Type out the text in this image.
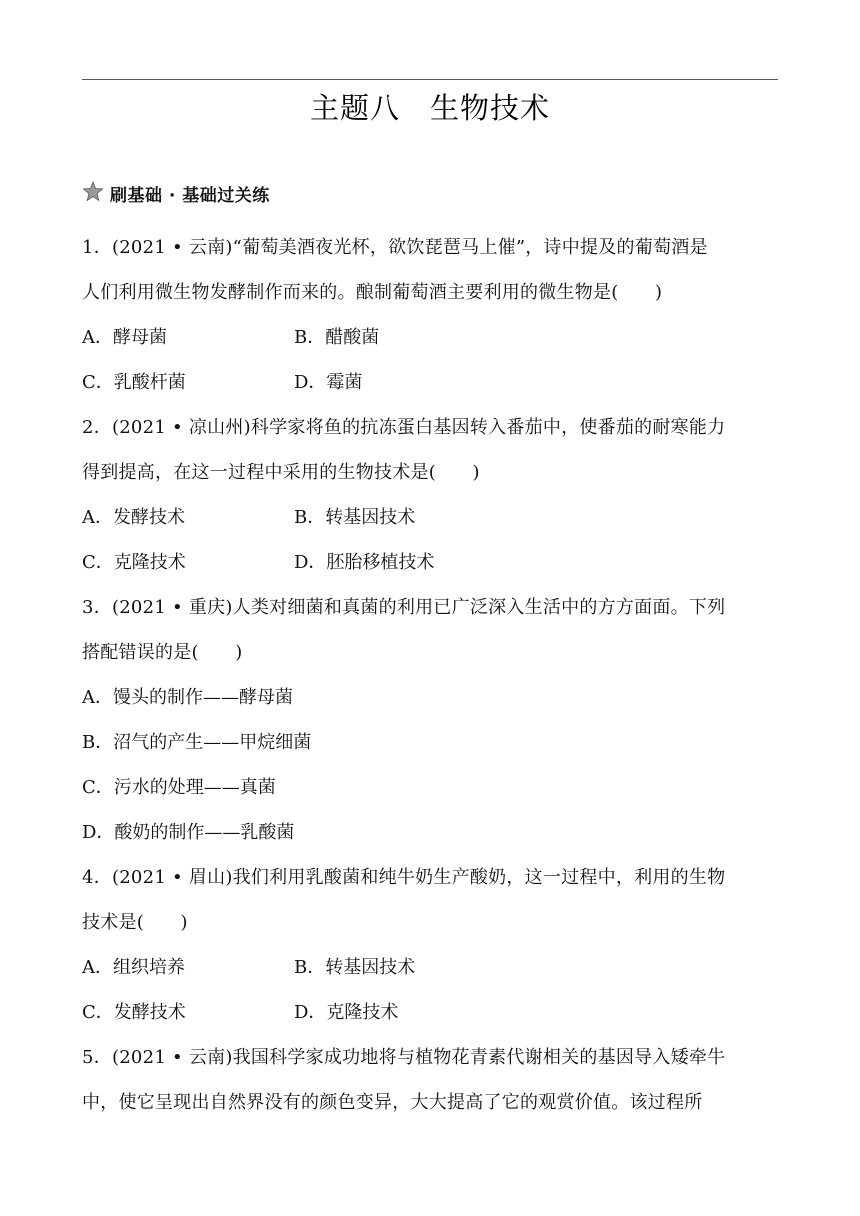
主题八　生物技术
刷基础 · 基础过关练
1．(2021 • 云南)“葡萄美酒夜光杯，欲饮琵琶马上催”，诗中提及的葡萄酒是
人们利用微生物发酵制作而来的。酿制葡萄酒主要利用的微生物是(　　)
A．酵母菌	B．醋酸菌
C．乳酸杆菌	D．霉菌
2．(2021 • 凉山州)科学家将鱼的抗冻蛋白基因转入番茄中，使番茄的耐寒能力
得到提高，在这一过程中采用的生物技术是(　　)
A．发酵技术	B．转基因技术
C．克隆技术	D．胚胎移植技术
3．(2021 • 重庆)人类对细菌和真菌的利用已广泛深入生活中的方方面面。下列
搭配错误的是(　　)
A．馒头的制作——酵母菌
B．沼气的产生——甲烷细菌
C．污水的处理——真菌
D．酸奶的制作——乳酸菌
4．(2021 • 眉山)我们利用乳酸菌和纯牛奶生产酸奶，这一过程中，利用的生物
技术是(　　)
A．组织培养	B．转基因技术
C．发酵技术	D．克隆技术
5．(2021 • 云南)我国科学家成功地将与植物花青素代谢相关的基因导入矮牵牛
中，使它呈现出自然界没有的颜色变异，大大提高了它的观赏价值。该过程所
